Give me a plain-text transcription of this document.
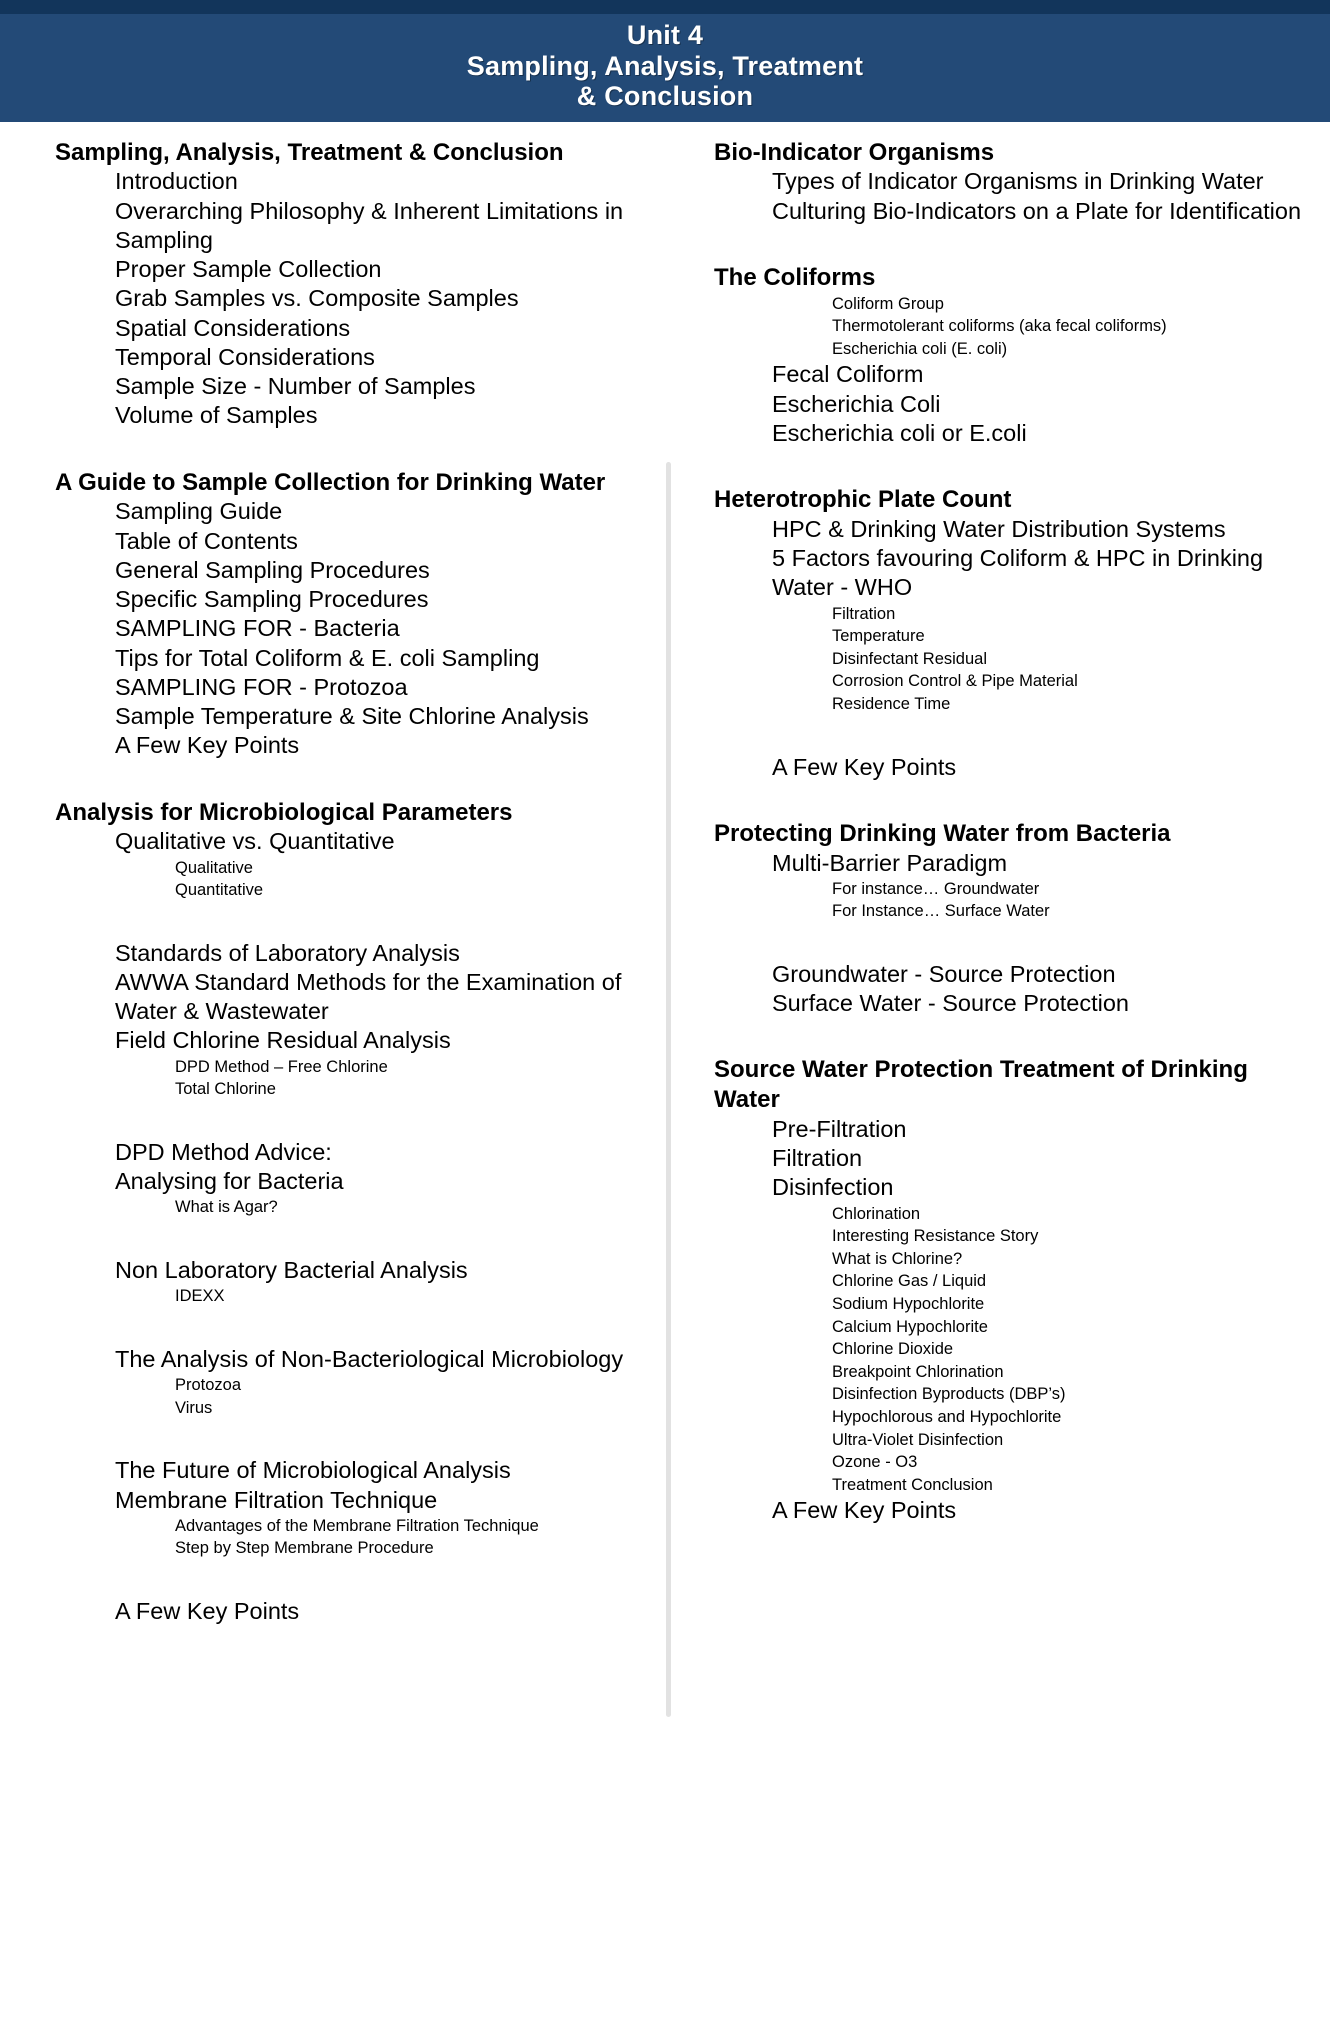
Unit 4
Sampling, Analysis, Treatment
& Conclusion
Sampling, Analysis, Treatment & Conclusion
Introduction
Overarching Philosophy & Inherent Limitations in Sampling
Proper Sample Collection
Grab Samples vs. Composite Samples
Spatial Considerations
Temporal Considerations
Sample Size - Number of Samples
Volume of Samples
A Guide to Sample Collection for Drinking Water
Sampling Guide
Table of Contents
General Sampling Procedures
Specific Sampling Procedures
SAMPLING FOR - Bacteria
Tips for Total Coliform & E. coli Sampling
SAMPLING FOR - Protozoa
Sample Temperature & Site Chlorine Analysis
A Few Key Points
Analysis for Microbiological Parameters
Qualitative vs. Quantitative
Qualitative
Quantitative
Standards of Laboratory Analysis
AWWA Standard Methods for the Examination of Water & Wastewater
Field Chlorine Residual Analysis
DPD Method – Free Chlorine
Total Chlorine
DPD Method Advice:
Analysing for Bacteria
What is Agar?
Non Laboratory Bacterial Analysis
IDEXX
The Analysis of Non-Bacteriological Microbiology
Protozoa
Virus
The Future of Microbiological Analysis
Membrane Filtration Technique
Advantages of the Membrane Filtration Technique
Step by Step Membrane Procedure
A Few Key Points
Bio-Indicator Organisms
Types of Indicator Organisms in Drinking Water
Culturing Bio-Indicators on a Plate for Identification
The Coliforms
Coliform Group
Thermotolerant coliforms (aka fecal coliforms)
Escherichia coli (E. coli)
Fecal Coliform
Escherichia Coli
Escherichia coli or E.coli
Heterotrophic Plate Count
HPC & Drinking Water Distribution Systems
5 Factors favouring Coliform & HPC in Drinking Water - WHO
Filtration
Temperature
Disinfectant Residual
Corrosion Control & Pipe Material
Residence Time
A Few Key Points
Protecting Drinking Water from Bacteria
Multi-Barrier Paradigm
For instance… Groundwater
For Instance… Surface Water
Groundwater - Source Protection
Surface Water - Source Protection
Source Water Protection Treatment of Drinking Water
Pre-Filtration
Filtration
Disinfection
Chlorination
Interesting Resistance Story
What is Chlorine?
Chlorine Gas / Liquid
Sodium Hypochlorite
Calcium Hypochlorite
Chlorine Dioxide
Breakpoint Chlorination
Disinfection Byproducts (DBP’s)
Hypochlorous and Hypochlorite
Ultra-Violet Disinfection
Ozone - O3
Treatment Conclusion
A Few Key Points
